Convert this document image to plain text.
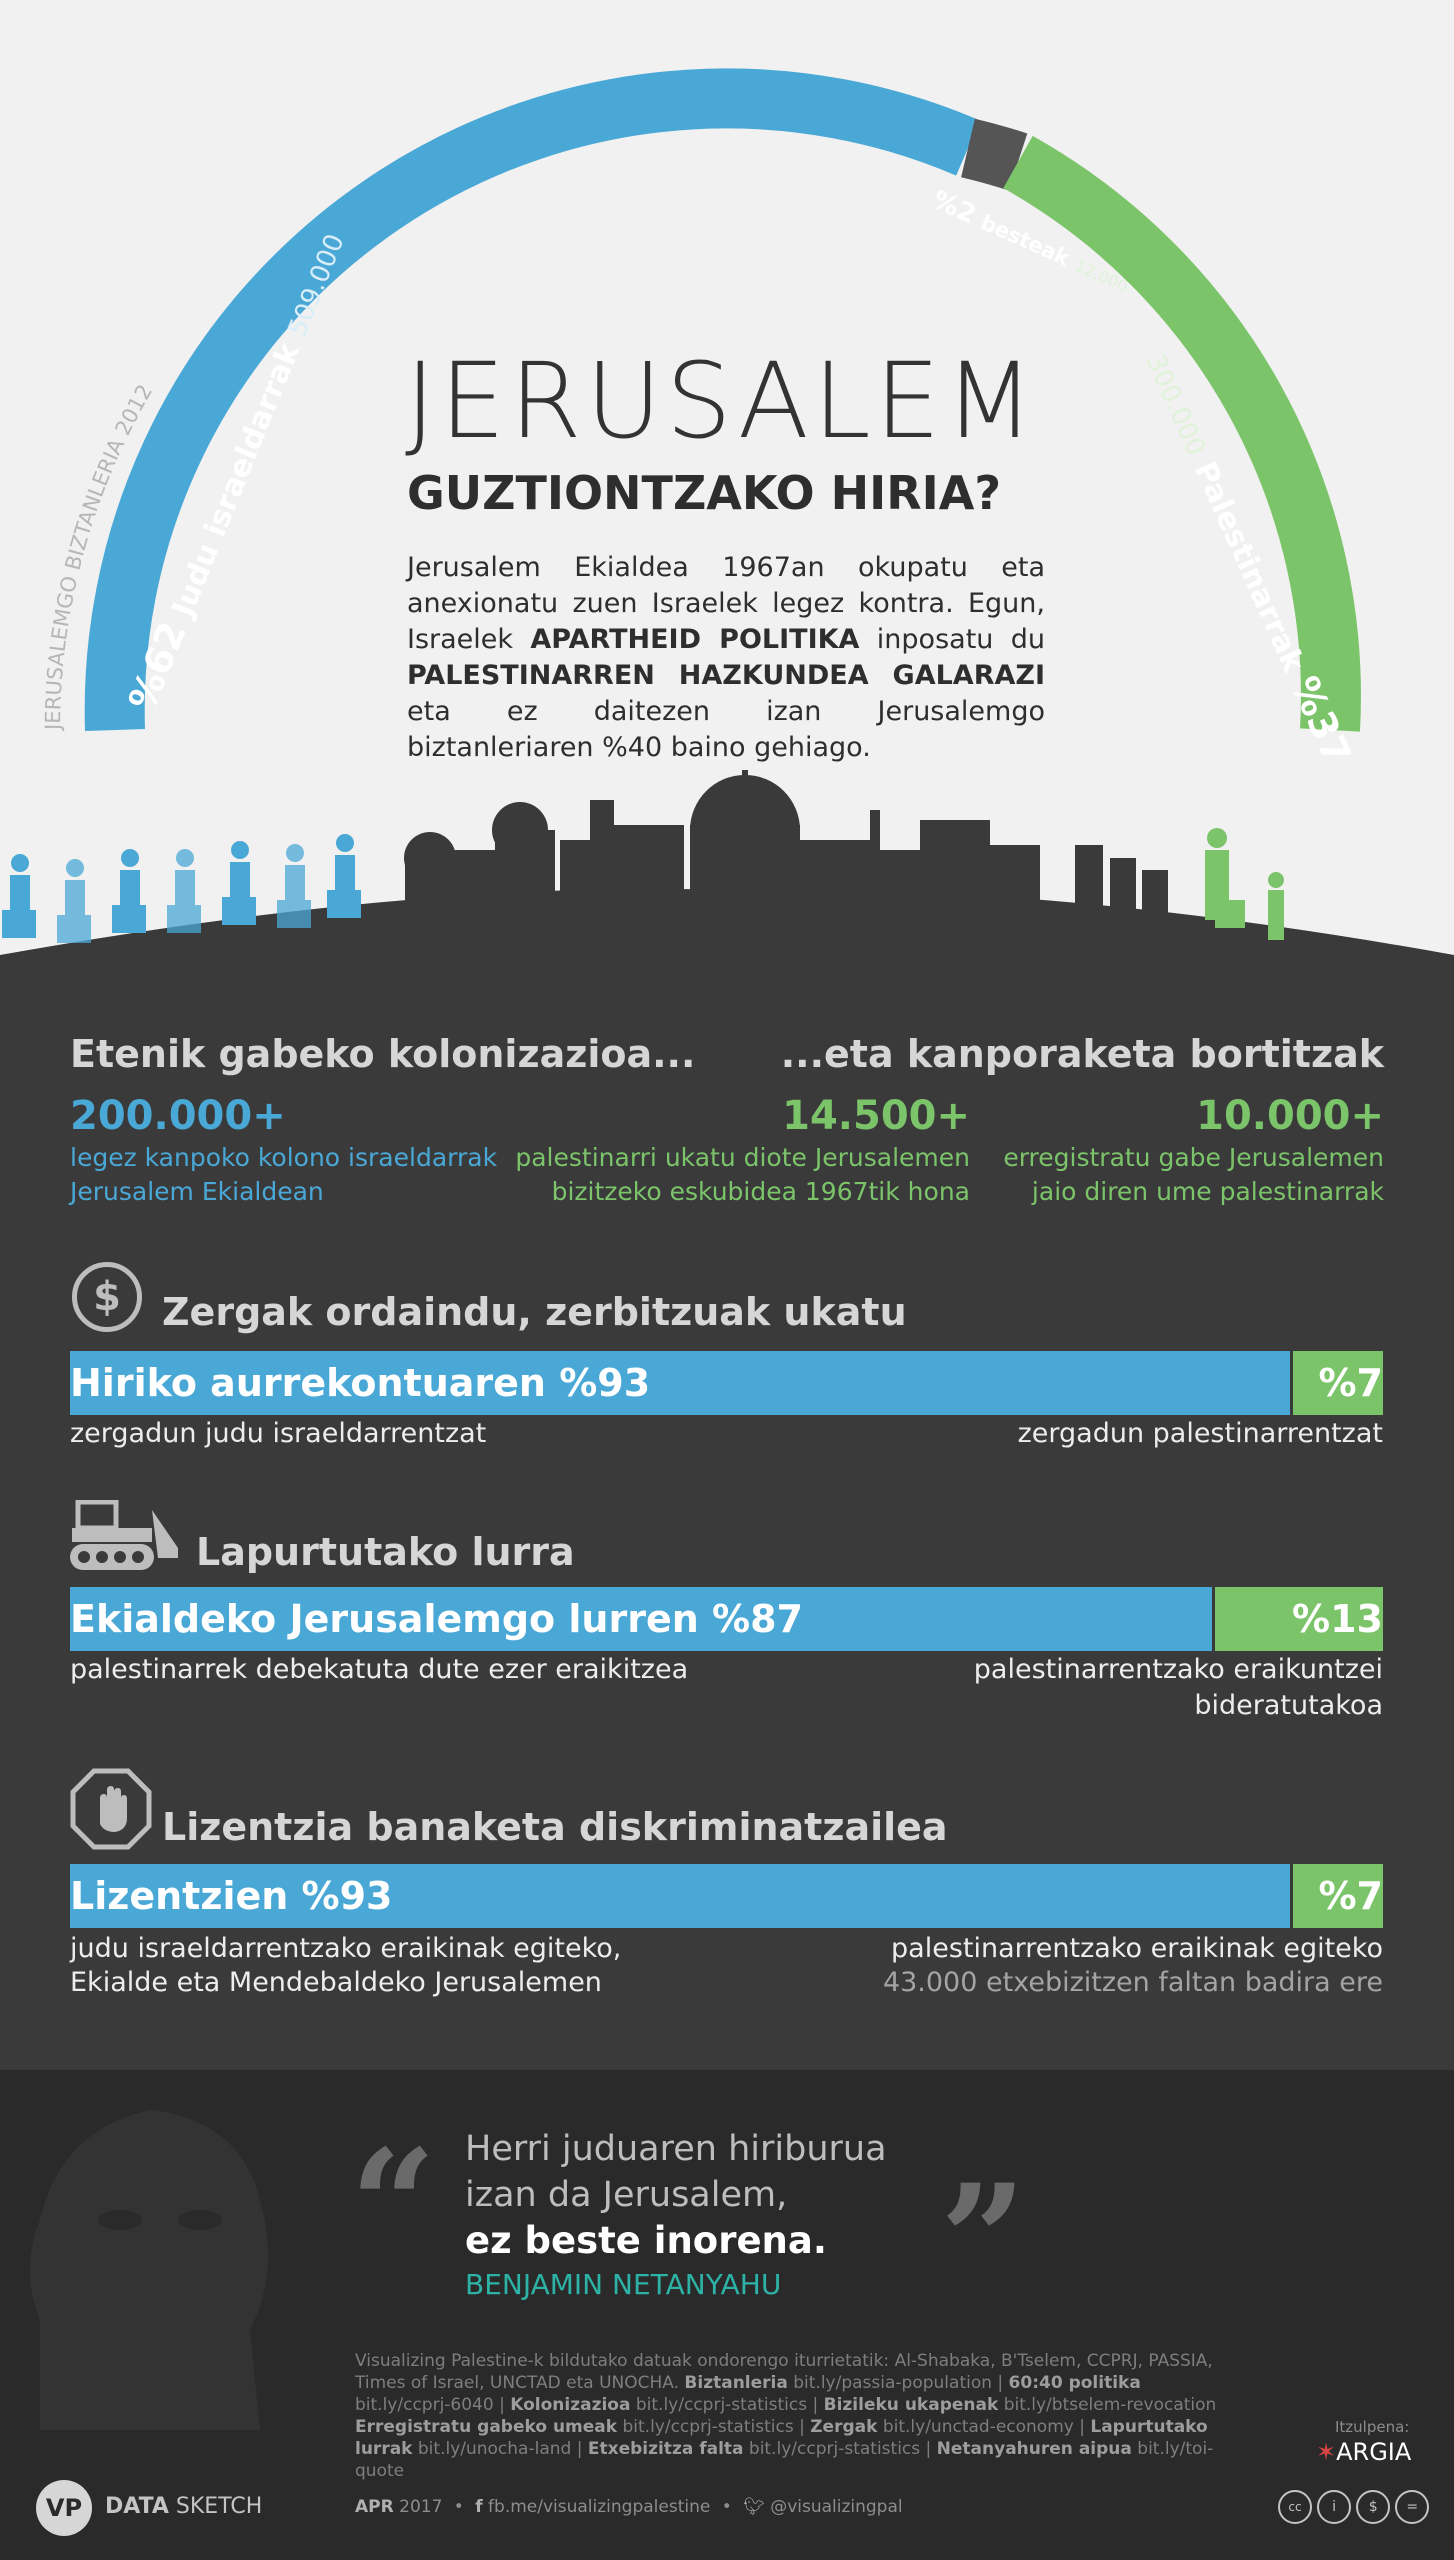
JERUSALEMGO BIZTANLERIA 2012
%62 Judu israeldarrak 509.000
%2 besteak 12.000
300.000 Palestinarrak %37
JERUSALEM
GUZTIONTZAKO HIRIA?
Jerusalem Ekialdea 1967an okupatu eta anexionatu zuen Israelek legez kontra. Egun, Israelek APARTHEID POLITIKA inposatu du PALESTINARREN HAZKUNDEA GALARAZI eta ez daitezen izan Jerusalemgo biztanleriaren %40 baino gehiago.
Etenik gabeko kolonizazioa... ...eta kanporaketa bortitzak
200.000+
legez kanpoko kolono israeldarrak
Jerusalem Ekialdean
14.500+
palestinarri ukatu diote Jerusalemen
bizitzeko eskubidea 1967tik hona
10.000+
erregistratu gabe Jerusalemen
jaio diren ume palestinarrak
$	Zergak ordaindu, zerbitzuak ukatu
Hiriko aurrekontuaren %93	%7
zergadun judu israeldarrentzat	zergadun palestinarrentzat
Lapurtutako lurra
Ekialdeko Jerusalemgo lurren %87	%13
palestinarrek debekatuta dute ezer eraikitzea	palestinarrentzako eraikuntzei
bideratutakoa
Lizentzia banaketa diskriminatzailea
Lizentzien %93	%7
judu israeldarrentzako eraikinak egiteko,
Ekialde eta Mendebaldeko Jerusalemen
palestinarrentzako eraikinak egiteko
43.000 etxebizitzen faltan badira ere
“	”
Herri juduaren hiriburua
izan da Jerusalem,
ez beste inorena.
BENJAMIN NETANYAHU
Visualizing Palestine-k bildutako datuak ondorengo iturrietatik: Al-Shabaka, B'Tselem, CCPRJ, PASSIA, Times of Israel, UNCTAD eta UNOCHA. Biztanleria bit.ly/passia-population | 60:40 politika bit.ly/ccprj-6040 | Kolonizazioa bit.ly/ccprj-statistics | Bizileku ukapenak bit.ly/btselem-revocation Erregistratu gabeko umeak bit.ly/ccprj-statistics | Zergak bit.ly/unctad-economy | Lapurtutako lurrak bit.ly/unocha-land | Etxebizitza falta bit.ly/ccprj-statistics | Netanyahuren aipua bit.ly/toi-quote
VP	DATA SKETCH	APR 2017 • f fb.me/visualizingpalestine • 🐦︎ @visualizingpal
Itzulpena:
✶ARGIA
cc i $ =
